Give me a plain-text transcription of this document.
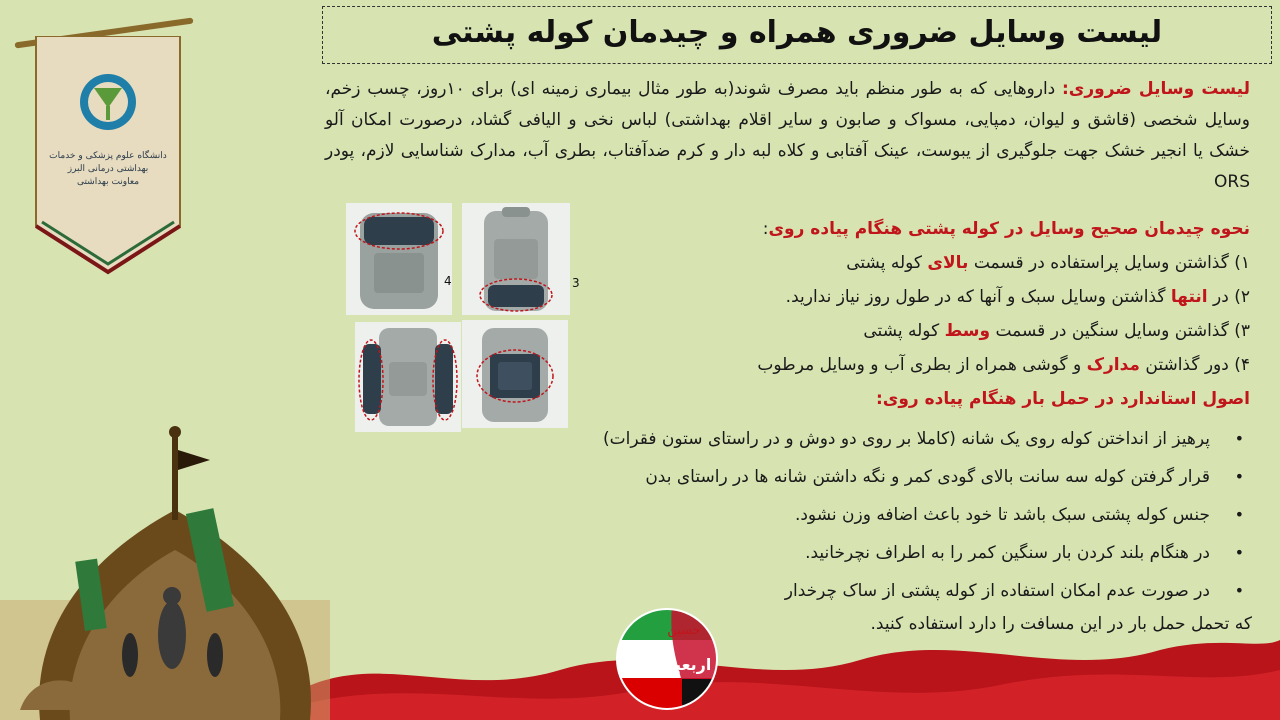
دانشگاه علوم پزشکی و خدمات بهداشتی درمانی البرز
معاونت بهداشتی
لیست وسایل ضروری همراه و چیدمان کوله پشتی
لیست وسایل ضروری: داروهایی که به طور منظم باید مصرف شوند(به طور مثال بیماری زمینه ای) برای ۱۰روز، چسب زخم، وسایل شخصی (قاشق و لیوان، دمپایی، مسواک و صابون و سایر اقلام بهداشتی) لباس نخی و الیافی گشاد، درصورت امکان آلو خشک یا انجیر خشک جهت جلوگیری از یبوست، عینک آفتابی و کلاه لبه دار و کرم ضدآفتاب، بطری آب، مدارک شناسایی لازم، پودر ORS
نحوه چیدمان صحیح وسایل در کوله پشتی هنگام پیاده روی:
۱) گذاشتن وسایل پراستفاده در قسمت بالای کوله پشتی
۲) در انتها گذاشتن وسایل سبک و آنها که در طول روز نیاز ندارید.
۳) گذاشتن وسایل سنگین در قسمت وسط کوله پشتی
۴) دور گذاشتن مدارک و گوشی همراه از بطری آب و وسایل مرطوب
اصول استاندارد در حمل بار هنگام پیاده روی:
4	3
•
پرهیز از انداختن کوله روی یک شانه (کاملا بر روی دو دوش و در راستای ستون فقرات)
•
قرار گرفتن کوله سه سانت بالای گودی کمر و نگه داشتن شانه ها در راستای بدن
•
جنس کوله پشتی سبک باشد تا خود باعث اضافه وزن نشود.
•
در هنگام بلند کردن بار سنگین کمر را به اطراف نچرخانید.
•
در صورت عدم امکان استفاده از کوله پشتی از ساک چرخدار
که تحمل حمل بار در این مسافت را دارد استفاده کنید.
حسین
اربعین
